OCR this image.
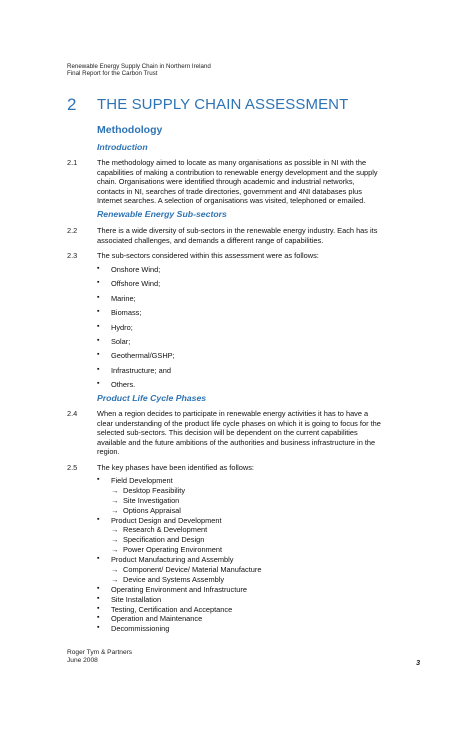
Renewable Energy Supply Chain in Northern Ireland
Final Report for the Carbon Trust
2 THE SUPPLY CHAIN ASSESSMENT
Methodology
Introduction
2.1	The methodology aimed to locate as many organisations as possible in NI with the
capabilities of making a contribution to renewable energy development and the supply
chain. Organisations were identified through academic and industrial networks,
contacts in NI, searches of trade directories, government and 4NI databases plus
Internet searches. A selection of organisations was visited, telephoned or emailed.
Renewable Energy Sub-sectors
2.2	There is a wide diversity of sub-sectors in the renewable energy industry. Each has its
associated challenges, and demands a different range of capabilities.
2.3	The sub-sectors considered within this assessment were as follows:
▪ Onshore Wind;
▪ Offshore Wind;
▪ Marine;
▪ Biomass;
▪ Hydro;
▪ Solar;
▪ Geothermal/GSHP;
▪ Infrastructure; and
▪ Others.
Product Life Cycle Phases
2.4	When a region decides to participate in renewable energy activities it has to have a
clear understanding of the product life cycle phases on which it is going to focus for the
selected sub-sectors. This decision will be dependent on the current capabilities
available and the future ambitions of the authorities and business infrastructure in the
region.
2.5	The key phases have been identified as follows:
▪ Field Development
→ Desktop Feasibility
→ Site Investigation
→ Options Appraisal
▪ Product Design and Development
→ Research & Development
→ Specification and Design
→ Power Operating Environment
▪ Product Manufacturing and Assembly
→ Component/ Device/ Material Manufacture
→ Device and Systems Assembly
▪ Operating Environment and Infrastructure
▪ Site Installation
▪ Testing, Certification and Acceptance
▪ Operation and Maintenance
▪ Decommissioning
Roger Tym & Partners
June 2008	3
